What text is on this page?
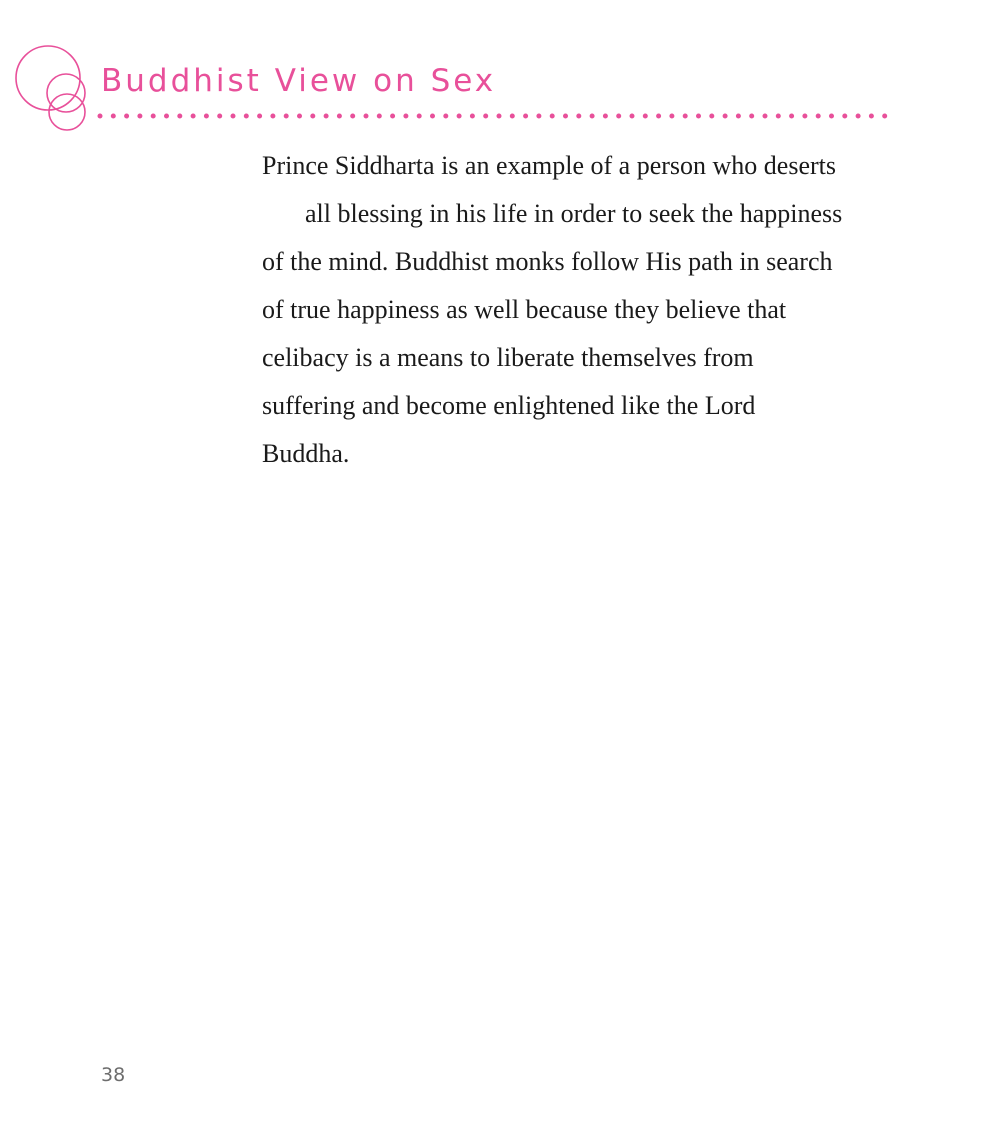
Buddhist View on Sex
Prince Siddharta is an example of a person who deserts
all blessing in his life in order to seek the happiness
of the mind. Buddhist monks follow His path in search
of true happiness as well because they believe that
celibacy is a means to liberate themselves from
suffering and become enlightened like the Lord
Buddha.
38
